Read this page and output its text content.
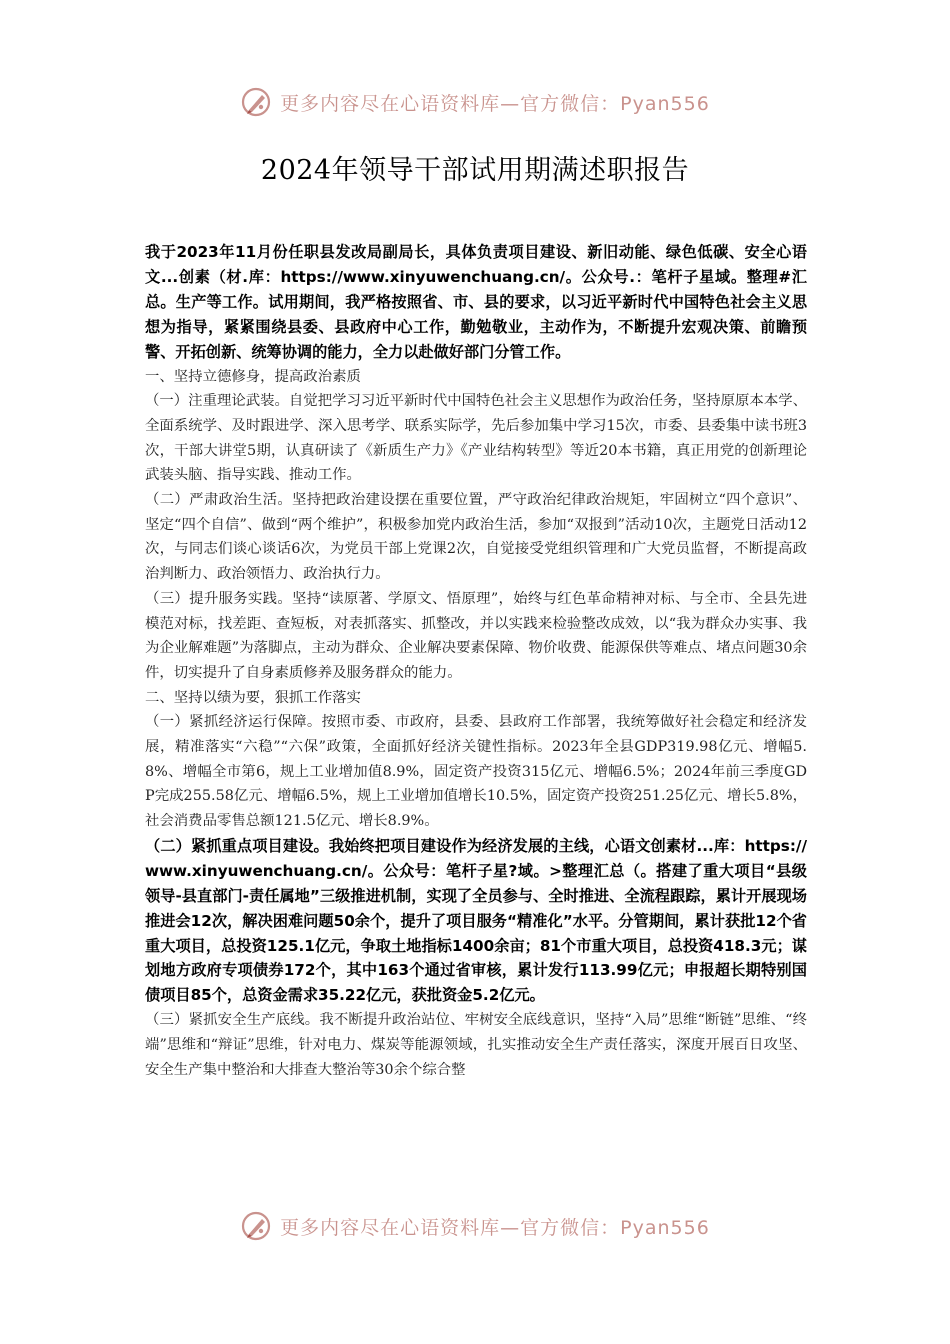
更多内容尽在心语资料库—官方微信：Pyan556
2024年领导干部试用期满述职报告

我于2023年11月份任职县发改局副局长，具体负责项目建设、新旧动能、绿色低碳、安全心语文...创素（材.库：https://www.xinyuwenchuang.cn/。公众号.：笔杆子星域。整理#汇总。生产等工作。试用期间，我严格按照省、市、县的要求，以习近平新时代中国特色社会主义思想为指导，紧紧围绕县委、县政府中心工作，勤勉敬业，主动作为，不断提升宏观决策、前瞻预警、开拓创新、统筹协调的能力，全力以赴做好部门分管工作。

一、坚持立德修身，提高政治素质

（一）注重理论武装。自觉把学习习近平新时代中国特色社会主义思想作为政治任务，坚持原原本本学、全面系统学、及时跟进学、深入思考学、联系实际学，先后参加集中学习15次，市委、县委集中读书班3次，干部大讲堂5期，认真研读了《新质生产力》《产业结构转型》等近20本书籍，真正用党的创新理论武装头脑、指导实践、推动工作。

（二）严肃政治生活。坚持把政治建设摆在重要位置，严守政治纪律政治规矩，牢固树立“四个意识”、坚定“四个自信”、做到“两个维护”，积极参加党内政治生活，参加“双报到”活动10次，主题党日活动12次，与同志们谈心谈话6次，为党员干部上党课2次，自觉接受党组织管理和广大党员监督，不断提高政治判断力、政治领悟力、政治执行力。

（三）提升服务实践。坚持“读原著、学原文、悟原理”，始终与红色革命精神对标、与全市、全县先进模范对标，找差距、查短板，对表抓落实、抓整改，并以实践来检验整改成效，以“我为群众办实事、我为企业解难题”为落脚点，主动为群众、企业解决要素保障、物价收费、能源保供等难点、堵点问题30余件，切实提升了自身素质修养及服务群众的能力。

二、坚持以绩为要，狠抓工作落实

（一）紧抓经济运行保障。按照市委、市政府，县委、县政府工作部署，我统筹做好社会稳定和经济发展，精准落实“六稳”“六保”政策，全面抓好经济关键性指标。2023年全县GDP319.98亿元、增幅5.8%、增幅全市第6，规上工业增加值8.9%，固定资产投资315亿元、增幅6.5%；2024年前三季度GDP完成255.58亿元、增幅6.5%，规上工业增加值增长10.5%，固定资产投资251.25亿元、增长5.8%，社会消费品零售总额121.5亿元、增长8.9%。

（二）紧抓重点项目建设。我始终把项目建设作为经济发展的主线，心语文创素材...库：https://www.xinyuwenchuang.cn/。公众号：笔杆子星?域。>整理汇总（。搭建了重大项目“县级领导-县直部门-责任属地”三级推进机制，实现了全员参与、全时推进、全流程跟踪，累计开展现场推进会12次，解决困难问题50余个，提升了项目服务“精准化”水平。分管期间，累计获批12个省重大项目，总投资125.1亿元，争取土地指标1400余亩；81个市重大项目，总投资418.3元；谋划地方政府专项债券172个，其中163个通过省审核，累计发行113.99亿元；申报超长期特别国债项目85个，总资金需求35.22亿元，获批资金5.2亿元。

（三）紧抓安全生产底线。我不断提升政治站位、牢树安全底线意识，坚持“入局”思维“断链”思维、“终端”思维和“辩证”思维，针对电力、煤炭等能源领域，扎实推动安全生产责任落实，深度开展百日攻坚、安全生产集中整治和大排查大整治等30余个综合整

更多内容尽在心语资料库—官方微信：Pyan556
